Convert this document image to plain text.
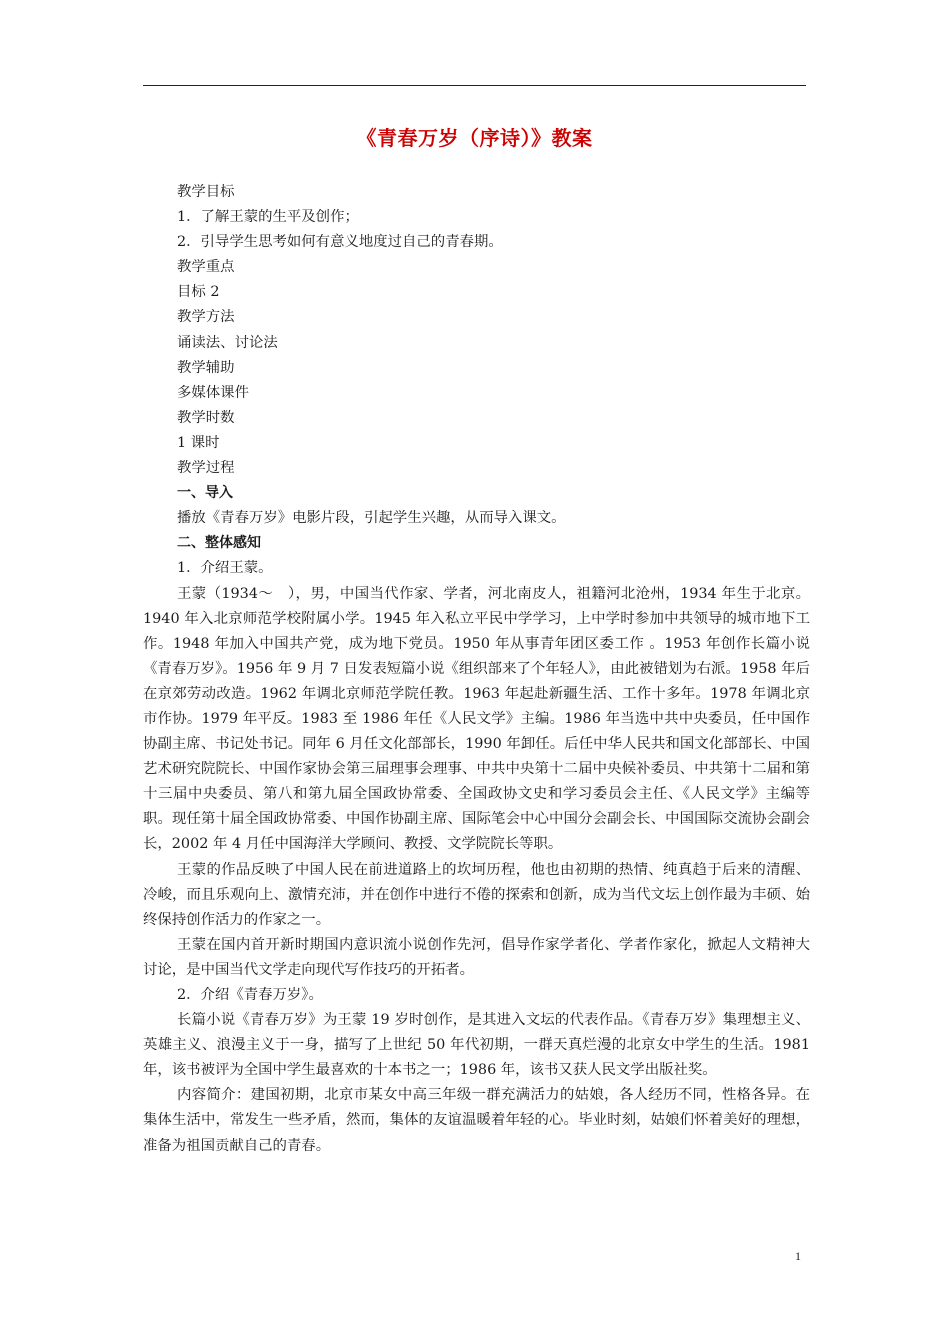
《青春万岁（序诗）》教案

教学目标

1．了解王蒙的生平及创作；

2．引导学生思考如何有意义地度过自己的青春期。

教学重点

目标 2

教学方法

诵读法、讨论法

教学辅助

多媒体课件

教学时数

1 课时

教学过程

一、导入

播放《青春万岁》电影片段，引起学生兴趣，从而导入课文。

二、整体感知

1．介绍王蒙。

王蒙（1934～　），男，中国当代作家、学者，河北南皮人，祖籍河北沧州，1934 年生于北京。1940 年入北京师范学校附属小学。1945 年入私立平民中学学习，上中学时参加中共领导的城市地下工作。1948 年加入中国共产党，成为地下党员。1950 年从事青年团区委工作 。1953 年创作长篇小说《青春万岁》。1956 年 9 月 7 日发表短篇小说《组织部来了个年轻人》，由此被错划为右派。1958 年后在京郊劳动改造。1962 年调北京师范学院任教。1963 年起赴新疆生活、工作十多年。1978 年调北京市作协。1979 年平反。1983 至 1986 年任《人民文学》主编。1986 年当选中共中央委员，任中国作协副主席、书记处书记。同年 6 月任文化部部长，1990 年卸任。后任中华人民共和国文化部部长、中国艺术研究院院长、中国作家协会第三届理事会理事、中共中央第十二届中央候补委员、中共第十二届和第十三届中央委员、第八和第九届全国政协常委、全国政协文史和学习委员会主任、《人民文学》主编等职。现任第十届全国政协常委、中国作协副主席、国际笔会中心中国分会副会长、中国国际交流协会副会长，2002 年 4 月任中国海洋大学顾问、教授、文学院院长等职。

王蒙的作品反映了中国人民在前进道路上的坎坷历程，他也由初期的热情、纯真趋于后来的清醒、冷峻，而且乐观向上、激情充沛，并在创作中进行不倦的探索和创新，成为当代文坛上创作最为丰硕、始终保持创作活力的作家之一。

王蒙在国内首开新时期国内意识流小说创作先河，倡导作家学者化、学者作家化，掀起人文精神大讨论，是中国当代文学走向现代写作技巧的开拓者。

2．介绍《青春万岁》。

长篇小说《青春万岁》为王蒙 19 岁时创作，是其进入文坛的代表作品。《青春万岁》集理想主义、英雄主义、浪漫主义于一身，描写了上世纪 50 年代初期，一群天真烂漫的北京女中学生的生活。1981 年，该书被评为全国中学生最喜欢的十本书之一；1986 年，该书又获人民文学出版社奖。

内容简介：建国初期，北京市某女中高三年级一群充满活力的姑娘，各人经历不同，性格各异。在集体生活中，常发生一些矛盾，然而，集体的友谊温暖着年轻的心。毕业时刻，姑娘们怀着美好的理想，准备为祖国贡献自己的青春。

1
